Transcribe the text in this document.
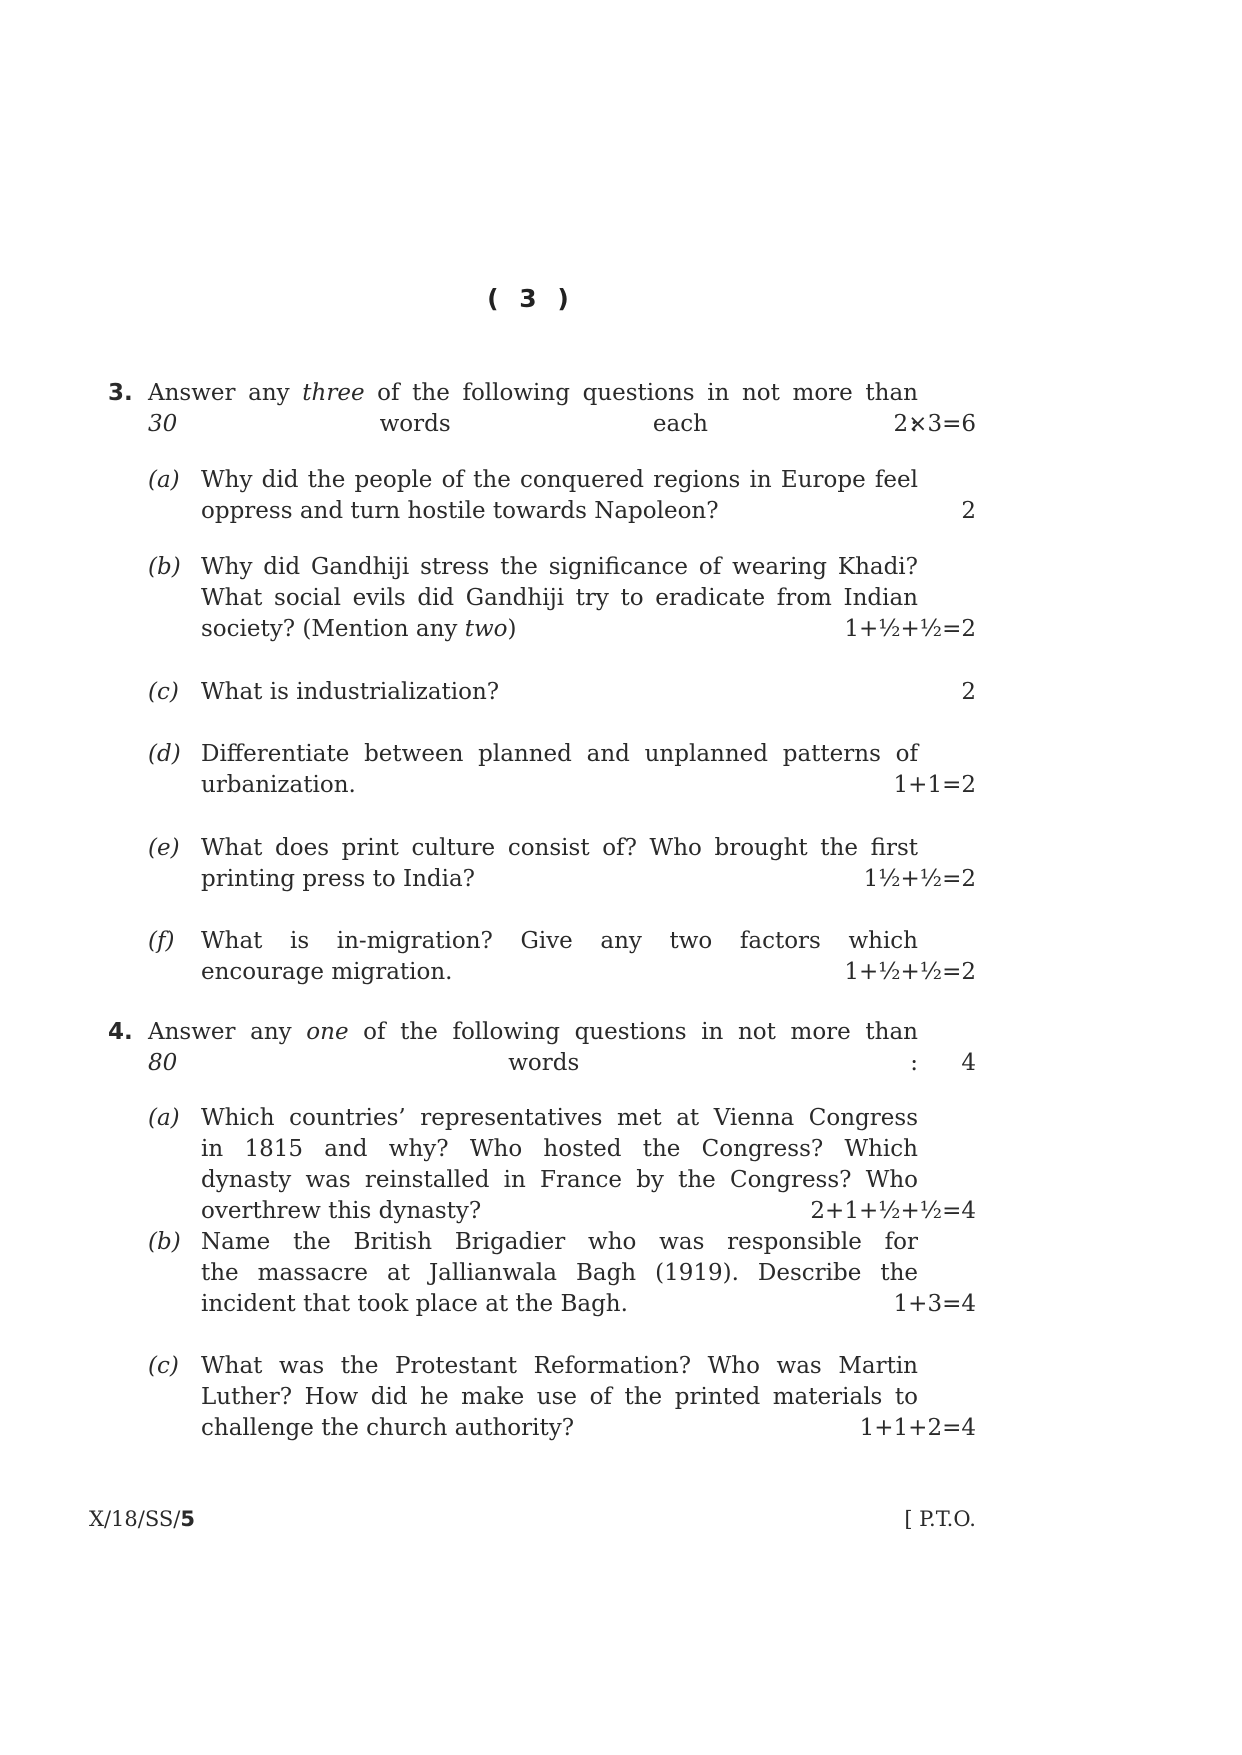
( 3 )
3. Answer any three of the following questions in not more than
30 words each :
2×3=6
(a) Why did the people of the conquered regions in Europe feel
oppress and turn hostile towards Napoleon?	2
(b) Why did Gandhiji stress the significance of wearing Khadi?
What social evils did Gandhiji try to eradicate from Indian
society? (Mention any two)	1+½+½=2
(c) What is industrialization?	2
(d) Differentiate between planned and unplanned patterns of
urbanization.	1+1=2
(e) What does print culture consist of? Who brought the first
printing press to India?	1½+½=2
(f) What is in-migration? Give any two factors which
encourage migration.	1+½+½=2
4. Answer any one of the following questions in not more than
80 words : 4
(a) Which countries’ representatives met at Vienna Congress
in 1815 and why? Who hosted the Congress? Which
dynasty was reinstalled in France by the Congress? Who
overthrew this dynasty?	2+1+½+½=4
(b) Name the British Brigadier who was responsible for
the massacre at Jallianwala Bagh (1919). Describe the
incident that took place at the Bagh.	1+3=4
(c) What was the Protestant Reformation? Who was Martin
Luther? How did he make use of the printed materials to
challenge the church authority?	1+1+2=4
X/18/SS/5	[ P.T.O.
